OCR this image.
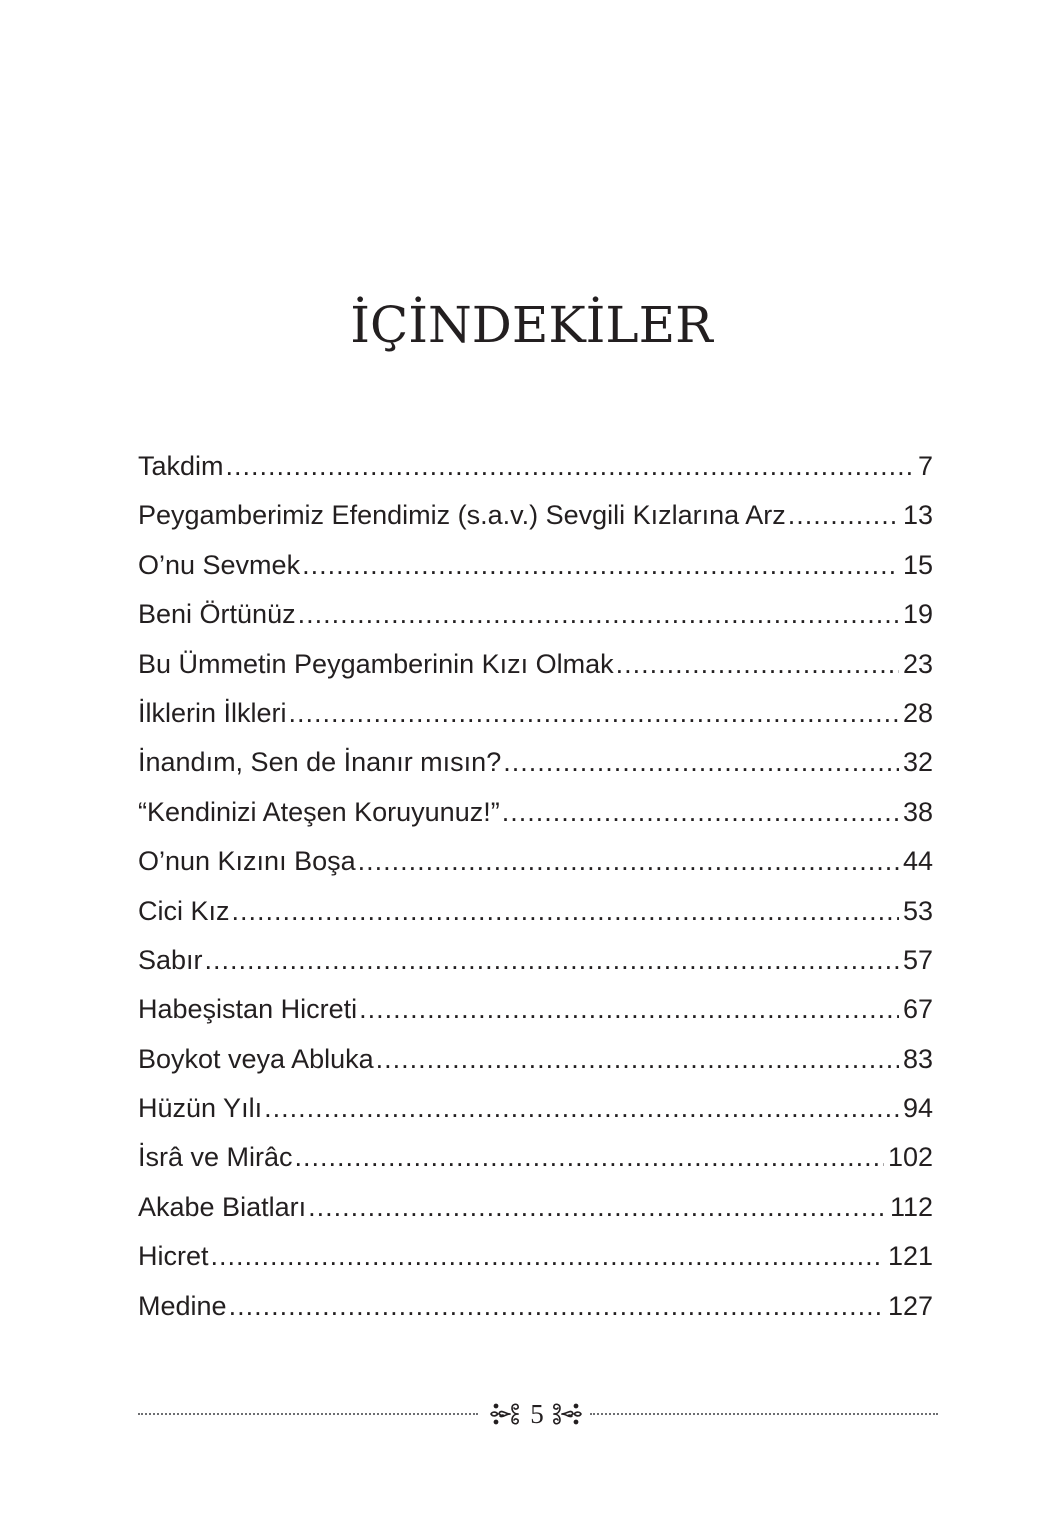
İÇİNDEKİLER
Takdim .....	7
Peygamberimiz Efendimiz (s.a.v.) Sevgili Kızlarına Arz .....	13
O’nu Sevmek .....	15
Beni Örtünüz .....	19
Bu Ümmetin Peygamberinin Kızı Olmak .....	23
İlklerin İlkleri .....	28
İnandım, Sen de İnanır mısın? .....	32
“Kendinizi Ateşen Koruyunuz!” .....	38
O’nun Kızını Boşa .....	44
Cici Kız .....	53
Sabır .....	57
Habeşistan Hicreti .....	67
Boykot veya Abluka .....	83
Hüzün Yılı .....	94
İsrâ ve Mirâc .....	102
Akabe Biatları .....	112
Hicret .....	121
Medine .....	127
5
